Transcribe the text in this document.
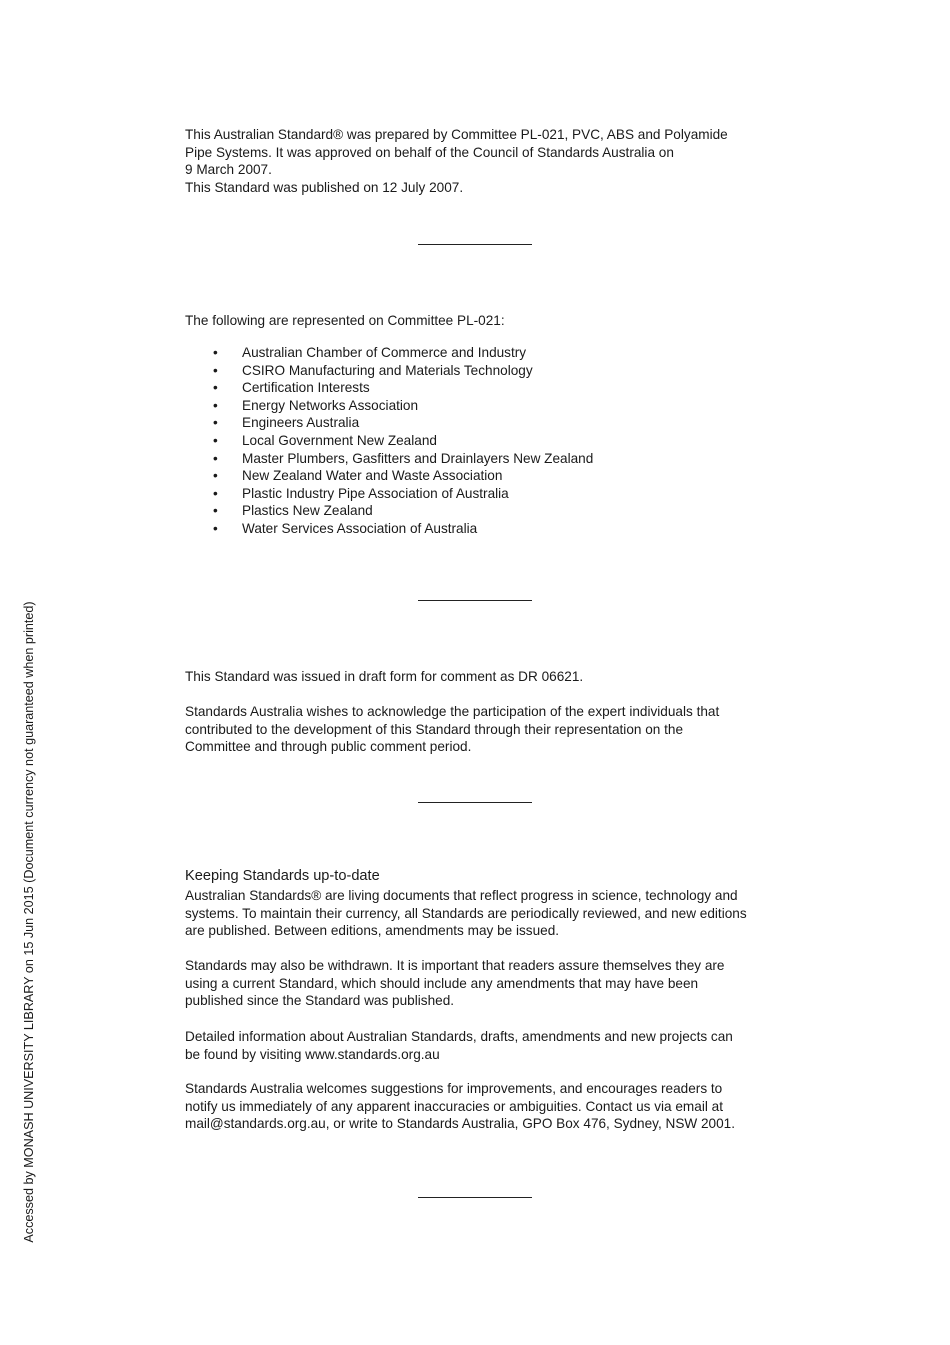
This Australian Standard® was prepared by Committee PL-021, PVC, ABS and Polyamide

Pipe Systems. It was approved on behalf of the Council of Standards Australia on

9 March 2007.

This Standard was published on 12 July 2007.

The following are represented on Committee PL-021:

• Australian Chamber of Commerce and Industry
• CSIRO Manufacturing and Materials Technology
• Certification Interests
• Energy Networks Association
• Engineers Australia
• Local Government New Zealand
• Master Plumbers, Gasfitters and Drainlayers New Zealand
• New Zealand Water and Waste Association
• Plastic Industry Pipe Association of Australia
• Plastics New Zealand
• Water Services Association of Australia

This Standard was issued in draft form for comment as DR 06621.

Standards Australia wishes to acknowledge the participation of the expert individuals that

contributed to the development of this Standard through their representation on the

Committee and through public comment period.

Keeping Standards up-to-date

Australian Standards® are living documents that reflect progress in science, technology and

systems. To maintain their currency, all Standards are periodically reviewed, and new editions

are published. Between editions, amendments may be issued.

Standards may also be withdrawn. It is important that readers assure themselves they are

using a current Standard, which should include any amendments that may have been

published since the Standard was published.

Detailed information about Australian Standards, drafts, amendments and new projects can

be found by visiting www.standards.org.au

Standards Australia welcomes suggestions for improvements, and encourages readers to

notify us immediately of any apparent inaccuracies or ambiguities. Contact us via email at

mail@standards.org.au, or write to Standards Australia, GPO Box 476, Sydney, NSW 2001.

Accessed by MONASH UNIVERSITY LIBRARY on 15 Jun 2015 (Document currency not guaranteed when printed)
